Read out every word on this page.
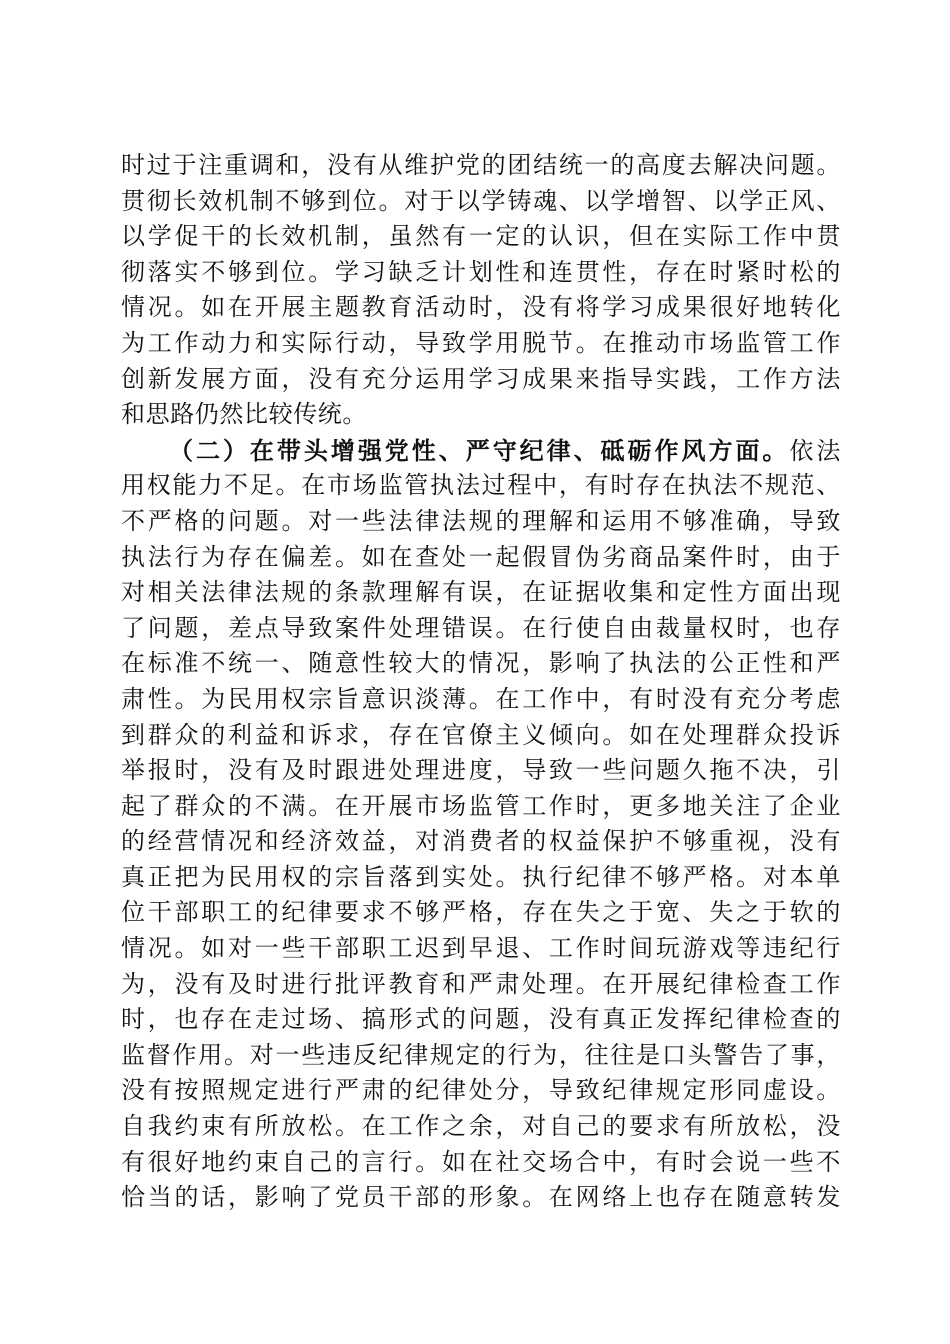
时过于注重调和，没有从维护党的团结统一的高度去解决问题。
贯彻长效机制不够到位。对于以学铸魂、以学增智、以学正风、
以学促干的长效机制，虽然有一定的认识，但在实际工作中贯
彻落实不够到位。学习缺乏计划性和连贯性，存在时紧时松的
情况。如在开展主题教育活动时，没有将学习成果很好地转化
为工作动力和实际行动，导致学用脱节。在推动市场监管工作
创新发展方面，没有充分运用学习成果来指导实践，工作方法
和思路仍然比较传统。
（二）在带头增强党性、严守纪律、砥砺作风方面。依法
用权能力不足。在市场监管执法过程中，有时存在执法不规范、
不严格的问题。对一些法律法规的理解和运用不够准确，导致
执法行为存在偏差。如在查处一起假冒伪劣商品案件时，由于
对相关法律法规的条款理解有误，在证据收集和定性方面出现
了问题，差点导致案件处理错误。在行使自由裁量权时，也存
在标准不统一、随意性较大的情况，影响了执法的公正性和严
肃性。为民用权宗旨意识淡薄。在工作中，有时没有充分考虑
到群众的利益和诉求，存在官僚主义倾向。如在处理群众投诉
举报时，没有及时跟进处理进度，导致一些问题久拖不决，引
起了群众的不满。在开展市场监管工作时，更多地关注了企业
的经营情况和经济效益，对消费者的权益保护不够重视，没有
真正把为民用权的宗旨落到实处。执行纪律不够严格。对本单
位干部职工的纪律要求不够严格，存在失之于宽、失之于软的
情况。如对一些干部职工迟到早退、工作时间玩游戏等违纪行
为，没有及时进行批评教育和严肃处理。在开展纪律检查工作
时，也存在走过场、搞形式的问题，没有真正发挥纪律检查的
监督作用。对一些违反纪律规定的行为，往往是口头警告了事，
没有按照规定进行严肃的纪律处分，导致纪律规定形同虚设。
自我约束有所放松。在工作之余，对自己的要求有所放松，没
有很好地约束自己的言行。如在社交场合中，有时会说一些不
恰当的话，影响了党员干部的形象。在网络上也存在随意转发
